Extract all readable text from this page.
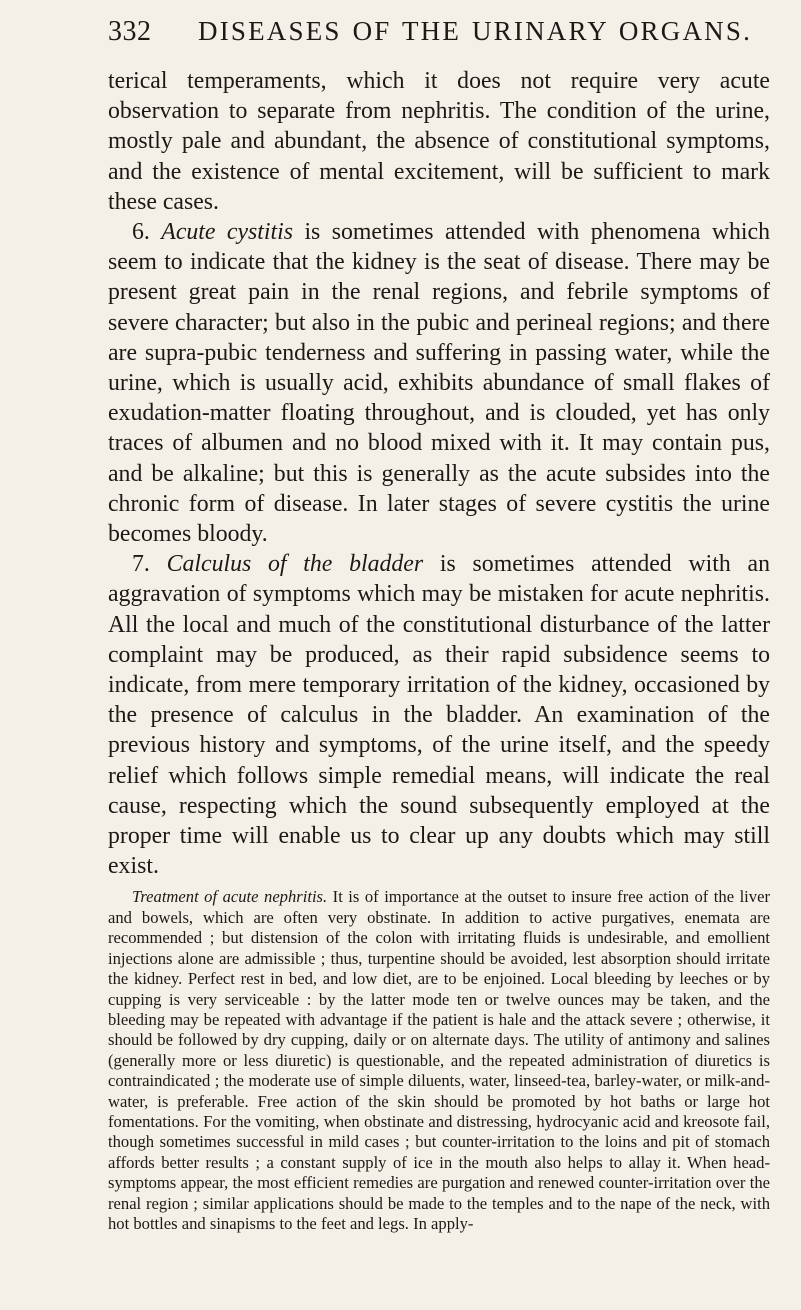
332 DISEASES OF THE URINARY ORGANS.

terical temperaments, which it does not require very acute observation to separate from nephritis. The condition of the urine, mostly pale and abundant, the absence of constitutional symptoms, and the existence of mental excitement, will be sufficient to mark these cases.

6. Acute cystitis is sometimes attended with phenomena which seem to indicate that the kidney is the seat of disease. There may be present great pain in the renal regions, and febrile symptoms of severe character; but also in the pubic and perineal regions; and there are supra-pubic tenderness and suffering in passing water, while the urine, which is usually acid, exhibits abundance of small flakes of exudation-matter floating throughout, and is clouded, yet has only traces of albumen and no blood mixed with it. It may contain pus, and be alkaline; but this is generally as the acute subsides into the chronic form of disease. In later stages of severe cystitis the urine becomes bloody.

7. Calculus of the bladder is sometimes attended with an aggravation of symptoms which may be mistaken for acute nephritis. All the local and much of the constitutional disturbance of the latter complaint may be produced, as their rapid subsidence seems to indicate, from mere temporary irritation of the kidney, occasioned by the presence of calculus in the bladder. An examination of the previous history and symptoms, of the urine itself, and the speedy relief which follows simple remedial means, will indicate the real cause, respecting which the sound subsequently employed at the proper time will enable us to clear up any doubts which may still exist.

Treatment of acute nephritis. It is of importance at the outset to insure free action of the liver and bowels, which are often very obstinate. In addition to active purgatives, enemata are recommended ; but distension of the colon with irritating fluids is undesirable, and emollient injections alone are admissible ; thus, turpentine should be avoided, lest absorption should irritate the kidney. Perfect rest in bed, and low diet, are to be enjoined. Local bleeding by leeches or by cupping is very serviceable : by the latter mode ten or twelve ounces may be taken, and the bleeding may be repeated with advantage if the patient is hale and the attack severe ; otherwise, it should be followed by dry cupping, daily or on alternate days. The utility of antimony and salines (generally more or less diuretic) is questionable, and the repeated administration of diuretics is contraindicated ; the moderate use of simple diluents, water, linseed-tea, barley-water, or milk-and-water, is preferable. Free action of the skin should be promoted by hot baths or large hot fomentations. For the vomiting, when obstinate and distressing, hydrocyanic acid and kreosote fail, though sometimes successful in mild cases ; but counter-irritation to the loins and pit of stomach affords better results ; a constant supply of ice in the mouth also helps to allay it. When head-symptoms appear, the most efficient remedies are purgation and renewed counter-irritation over the renal region ; similar applications should be made to the temples and to the nape of the neck, with hot bottles and sinapisms to the feet and legs. In apply-
